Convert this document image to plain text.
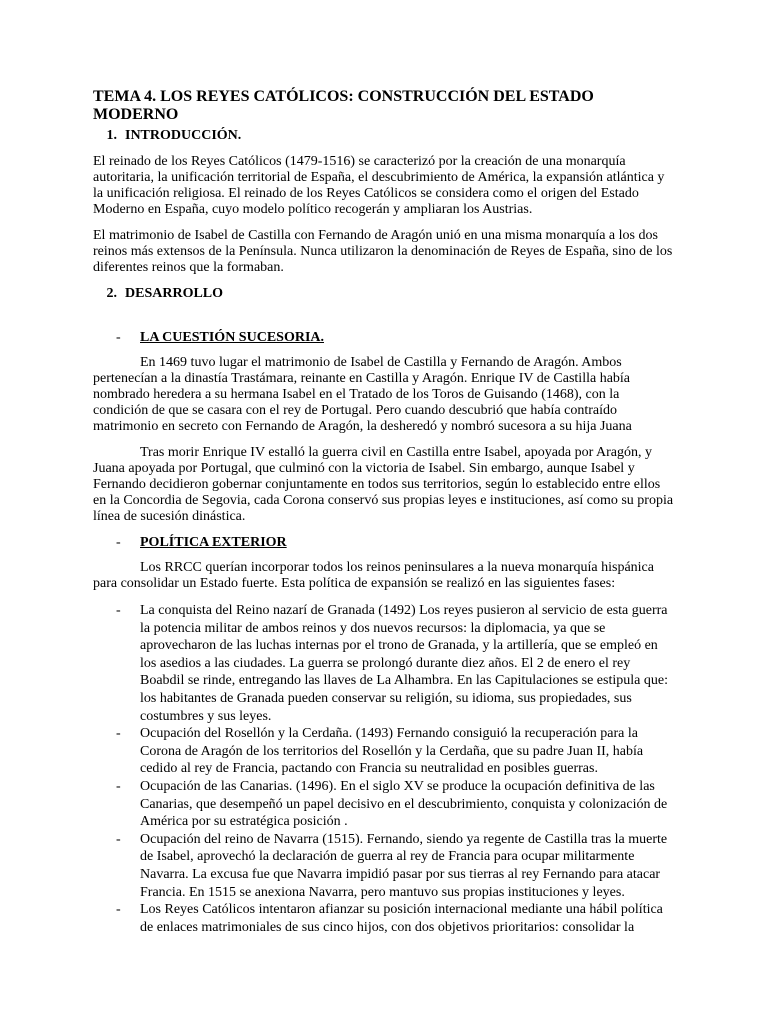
TEMA 4. LOS REYES CATÓLICOS: CONSTRUCCIÓN DEL ESTADO MODERNO
1. INTRODUCCIÓN.

El reinado de los Reyes Católicos (1479-1516) se caracterizó por la creación de una monarquía autoritaria, la unificación territorial de España, el descubrimiento de América, la expansión atlántica y la unificación religiosa. El reinado de los Reyes Católicos se considera como el origen del Estado Moderno en España, cuyo modelo político recogerán y ampliaran los Austrias.

El matrimonio de Isabel de Castilla con Fernando de Aragón unió en una misma monarquía a los dos reinos más extensos de la Península. Nunca utilizaron la denominación de Reyes de España, sino de los diferentes reinos que la formaban.

2. DESARROLLO
-	LA CUESTIÓN SUCESORIA.

En 1469 tuvo lugar el matrimonio de Isabel de Castilla y Fernando de Aragón. Ambos pertenecían a la dinastía Trastámara, reinante en Castilla y Aragón. Enrique IV de Castilla había nombrado heredera a su hermana Isabel en el Tratado de los Toros de Guisando (1468), con la condición de que se casara con el rey de Portugal. Pero cuando descubrió que había contraído matrimonio en secreto con Fernando de Aragón, la desheredó y nombró sucesora a su hija Juana

Tras morir Enrique IV estalló la guerra civil en Castilla entre Isabel, apoyada por Aragón, y Juana apoyada por Portugal, que culminó con la victoria de Isabel. Sin embargo, aunque Isabel y Fernando decidieron gobernar conjuntamente en todos sus territorios, según lo establecido entre ellos en la Concordia de Segovia, cada Corona conservó sus propias leyes e instituciones, así como su propia línea de sucesión dinástica.

-	POLÍTICA EXTERIOR

Los RRCC querían incorporar todos los reinos peninsulares a la nueva monarquía hispánica para consolidar un Estado fuerte. Esta política de expansión se realizó en las siguientes fases:

-	La conquista del Reino nazarí de Granada (1492) Los reyes pusieron al servicio de esta guerra la potencia militar de ambos reinos y dos nuevos recursos: la diplomacia, ya que se aprovecharon de las luchas internas por el trono de Granada, y la artillería, que se empleó en los asedios a las ciudades. La guerra se prolongó durante diez años. El 2 de enero el rey Boabdil se rinde, entregando las llaves de La Alhambra. En las Capitulaciones se estipula que: los habitantes de Granada pueden conservar su religión, su idioma, sus propiedades, sus costumbres y sus leyes.
-	Ocupación del Rosellón y la Cerdaña. (1493) Fernando consiguió la recuperación para la Corona de Aragón de los territorios del Rosellón y la Cerdaña, que su padre Juan II, había cedido al rey de Francia, pactando con Francia su neutralidad en posibles guerras.
-	Ocupación de las Canarias. (1496). En el siglo XV se produce la ocupación definitiva de las Canarias, que desempeñó un papel decisivo en el descubrimiento, conquista y colonización de América por su estratégica posición .
-	Ocupación del reino de Navarra (1515). Fernando, siendo ya regente de Castilla tras la muerte de Isabel, aprovechó la declaración de guerra al rey de Francia para ocupar militarmente Navarra. La excusa fue que Navarra impidió pasar por sus tierras al rey Fernando para atacar Francia. En 1515 se anexiona Navarra, pero mantuvo sus propias instituciones y leyes.
-	Los Reyes Católicos intentaron afianzar su posición internacional mediante una hábil política de enlaces matrimoniales de sus cinco hijos, con dos objetivos prioritarios: consolidar la
